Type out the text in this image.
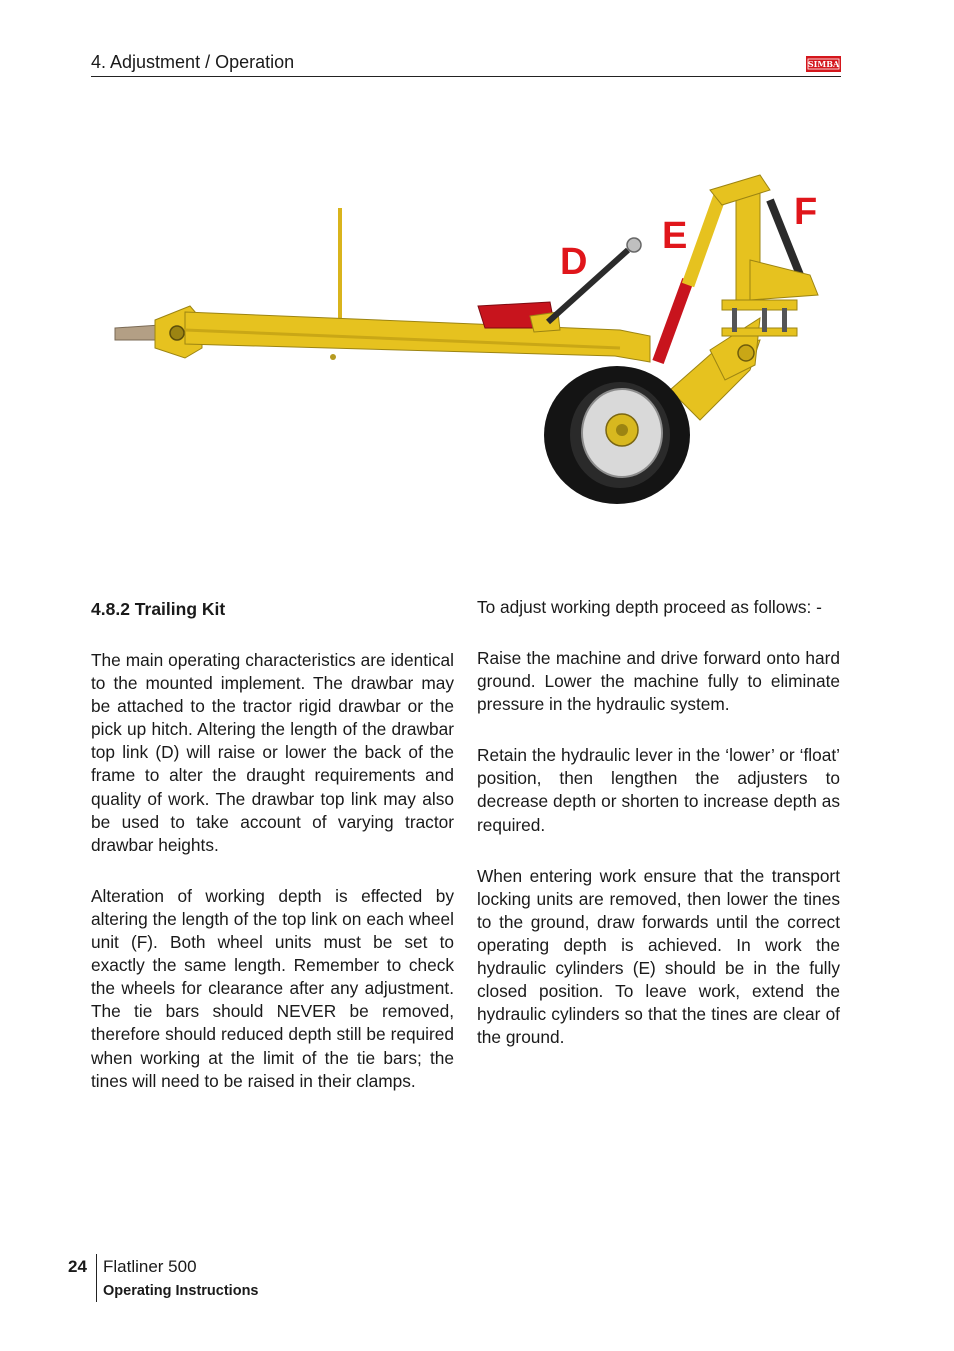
4. Adjustment / Operation	SIMBA
D
E
F
4.8.2 Trailing Kit

The main operating characteristics are identical to the mounted implement. The drawbar may be attached to the tractor rigid drawbar or the pick up hitch. Altering the length of the drawbar top link (D) will raise or lower the back of the frame to alter the draught requirements and quality of work. The drawbar top link may also be used to take account of varying tractor drawbar heights.

Alteration of working depth is effected by altering the length of the top link on each wheel unit (F). Both wheel units must be set to exactly the same length. Remember to check the wheels for clearance after any adjustment. The tie bars should NEVER be removed, therefore should reduced depth still be required when working at the limit of the tie bars; the tines will need to be raised in their clamps.

To adjust working depth proceed as follows: -

Raise the machine and drive forward onto hard ground. Lower the machine fully to eliminate pressure in the hydraulic system.

Retain the hydraulic lever in the ‘lower’ or ‘float’ position, then lengthen the adjusters to decrease depth or shorten to increase depth as required.

When entering work ensure that the transport locking units are removed, then lower the tines to the ground, draw forwards until the correct operating depth is achieved. In work the hydraulic cylinders (E) should be in the fully closed position. To leave work, extend the hydraulic cylinders so that the tines are clear of the ground.

24 Flatliner 500
Operating Instructions
